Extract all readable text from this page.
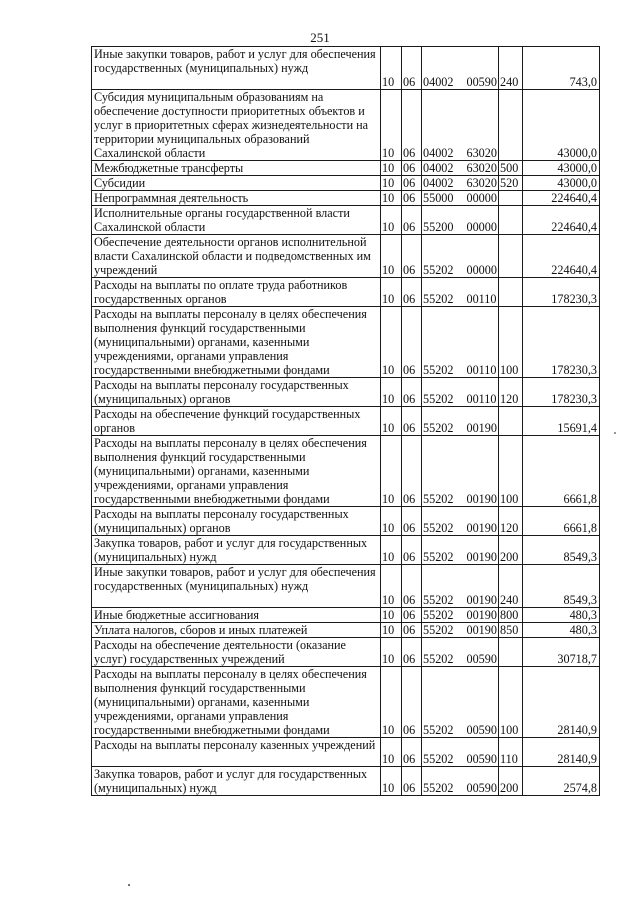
251
Иные закупки товаров, работ и услуг для обеспечения государственных (муниципальных) нужд	10	06	04002 00590	240	743,0
Субсидия муниципальным образованиям на обеспечение доступности приоритетных объектов и услуг в приоритетных сферах жизнедеятельности на территории муниципальных образований Сахалинской области	10	06	04002 63020		43000,0
Межбюджетные трансферты	10	06	04002 63020	500	43000,0
Субсидии	10	06	04002 63020	520	43000,0
Непрограммная деятельность	10	06	55000 00000		224640,4
Исполнительные органы государственной власти Сахалинской области	10	06	55200 00000		224640,4
Обеспечение деятельности органов исполнительной власти Сахалинской области и подведомственных им учреждений	10	06	55202 00000		224640,4
Расходы на выплаты по оплате труда работников государственных органов	10	06	55202 00110		178230,3
Расходы на выплаты персоналу в целях обеспечения выполнения функций государственными (муниципальными) органами, казенными учреждениями, органами управления государственными внебюджетными фондами	10	06	55202 00110	100	178230,3
Расходы на выплаты персоналу государственных (муниципальных) органов	10	06	55202 00110	120	178230,3
Расходы на обеспечение функций государственных органов	10	06	55202 00190		15691,4
Расходы на выплаты персоналу в целях обеспечения выполнения функций государственными (муниципальными) органами, казенными учреждениями, органами управления государственными внебюджетными фондами	10	06	55202 00190	100	6661,8
Расходы на выплаты персоналу государственных (муниципальных) органов	10	06	55202 00190	120	6661,8
Закупка товаров, работ и услуг для государственных (муниципальных) нужд	10	06	55202 00190	200	8549,3
Иные закупки товаров, работ и услуг для обеспечения государственных (муниципальных) нужд	10	06	55202 00190	240	8549,3
Иные бюджетные ассигнования	10	06	55202 00190	800	480,3
Уплата налогов, сборов и иных платежей	10	06	55202 00190	850	480,3
Расходы на обеспечение деятельности (оказание услуг) государственных учреждений	10	06	55202 00590		30718,7
Расходы на выплаты персоналу в целях обеспечения выполнения функций государственными (муниципальными) органами, казенными учреждениями, органами управления государственными внебюджетными фондами	10	06	55202 00590	100	28140,9
Расходы на выплаты персоналу казенных учреждений	10	06	55202 00590	110	28140,9
Закупка товаров, работ и услуг для государственных (муниципальных) нужд	10	06	55202 00590	200	2574,8
